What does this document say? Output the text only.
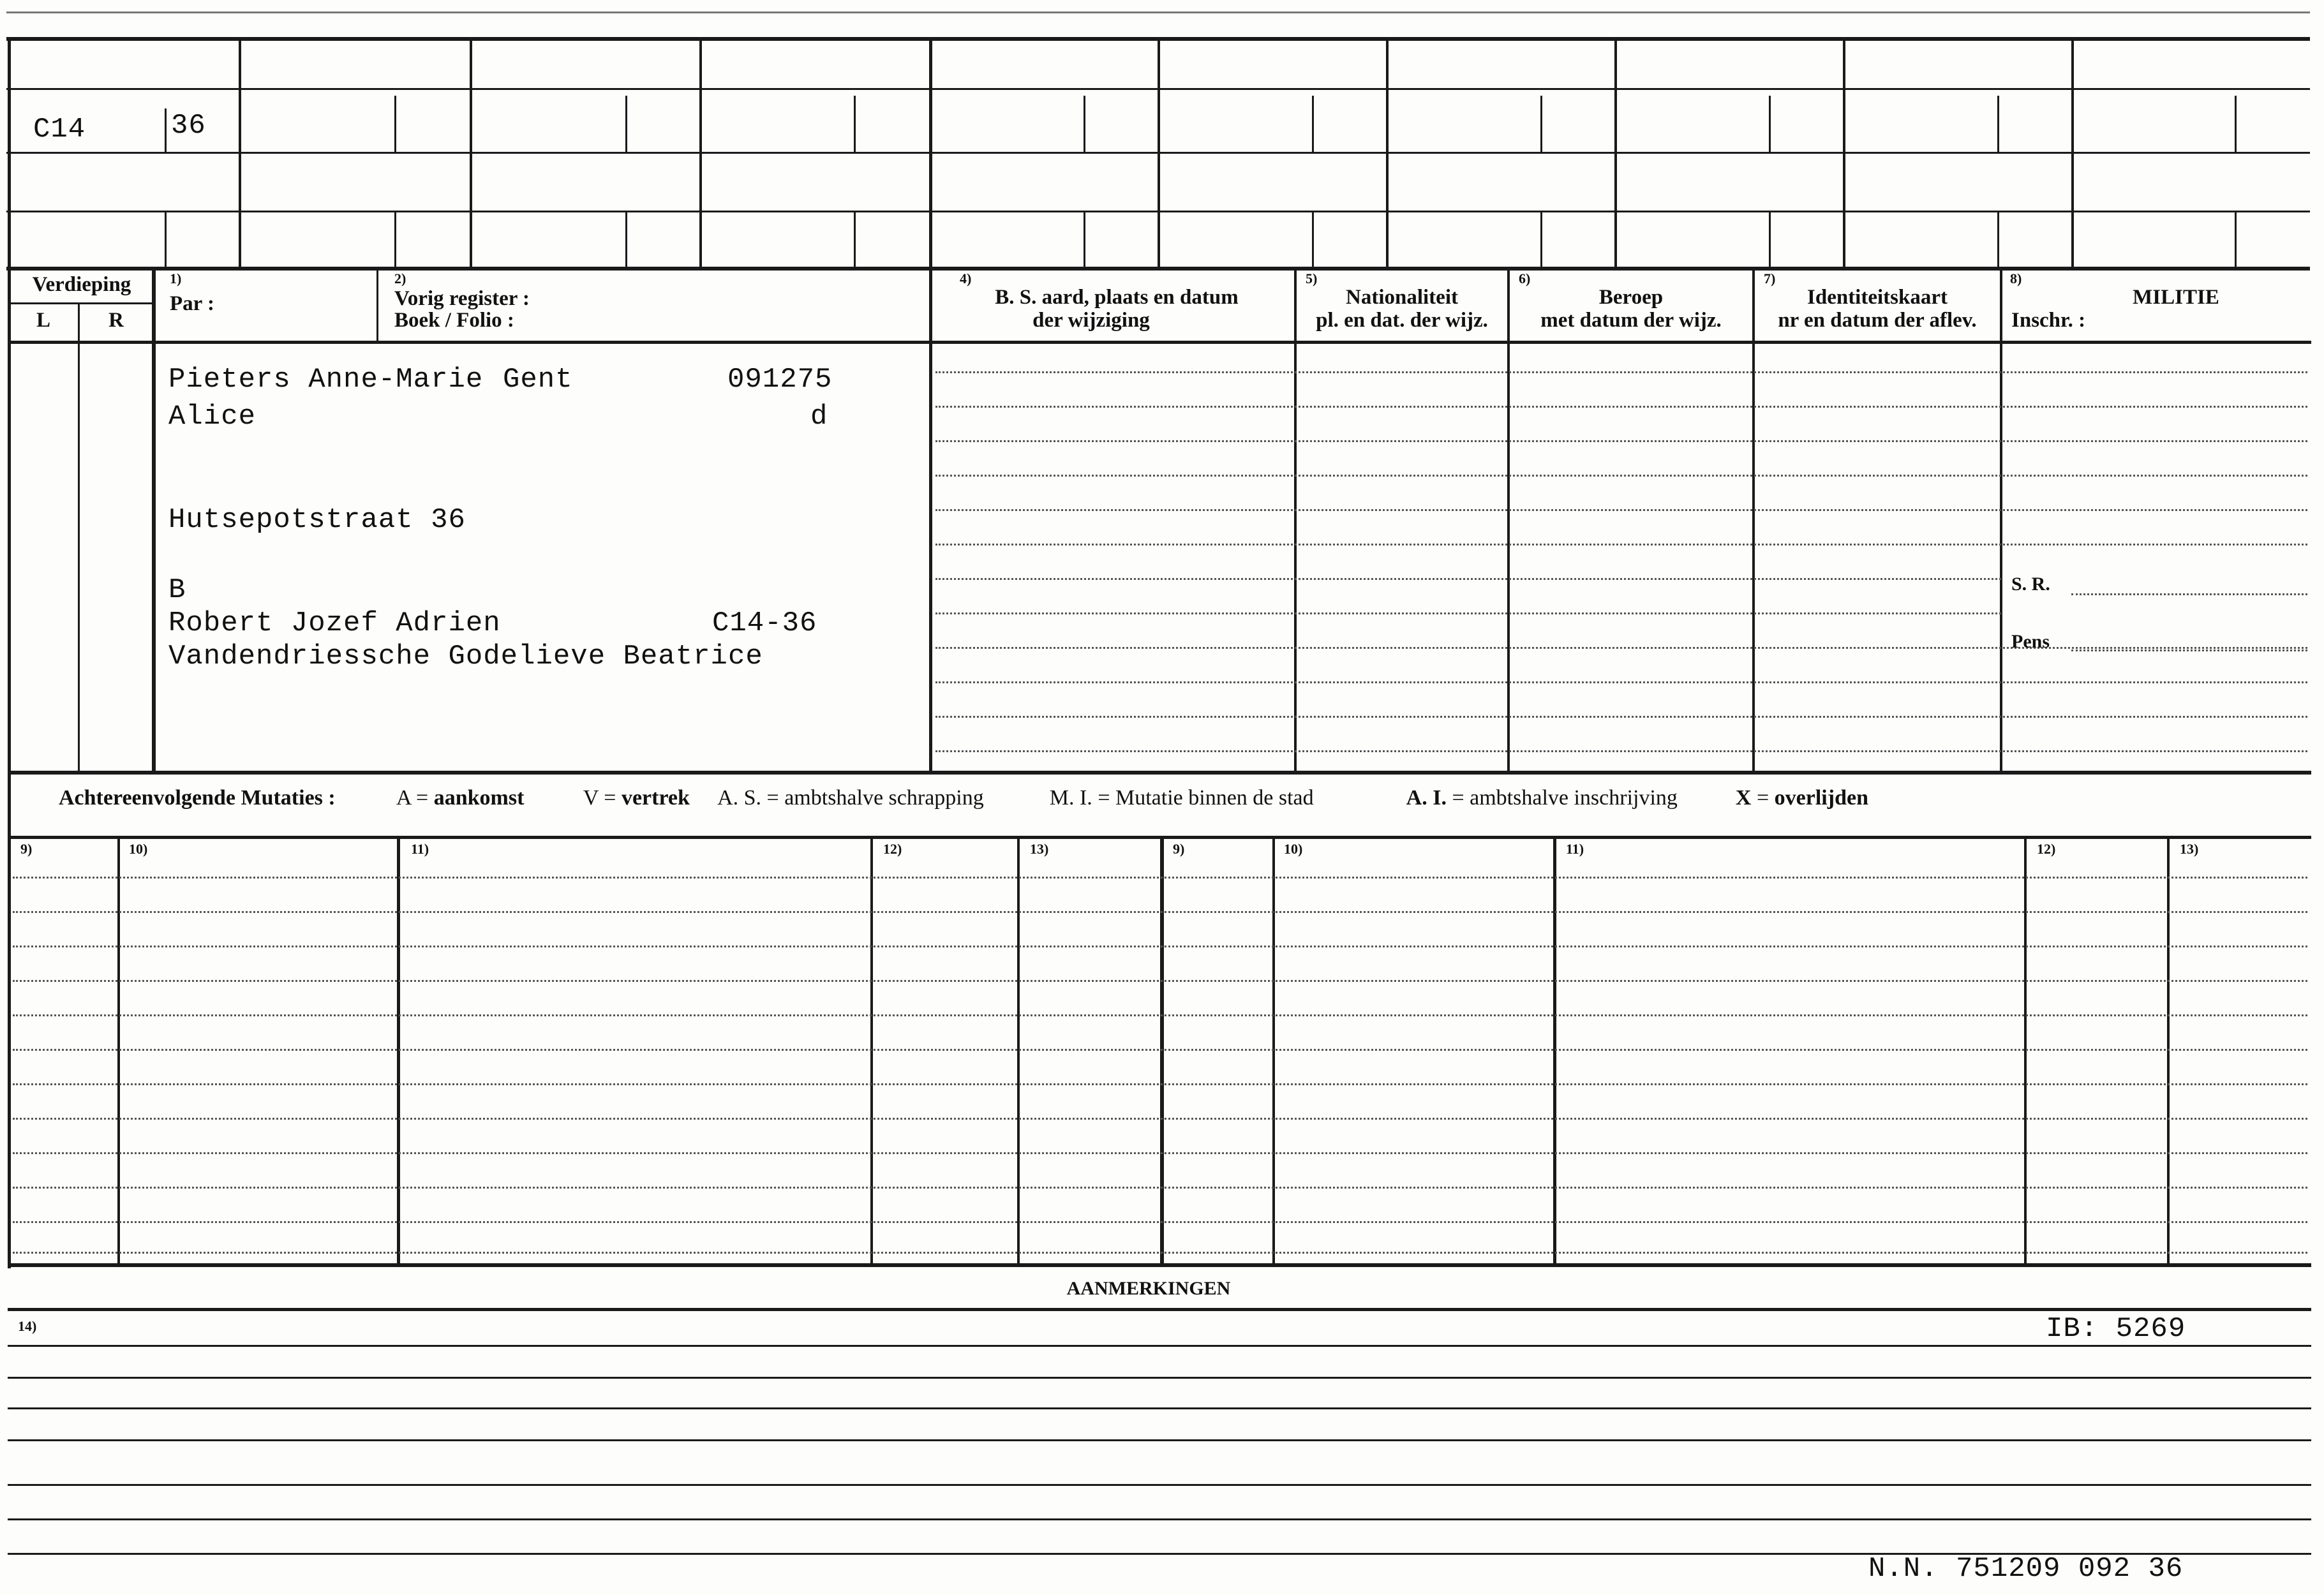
C14	36
Verdieping
L	R
1)
Par :
2)
Vorig register :
Boek / Folio :
4)
B. S. aard, plaats en datum
der wijziging
5)
Nationaliteit
pl. en dat. der wijz.
6)
Beroep
met datum der wijz.
7)
Identiteitskaart
nr en datum der aflev.
8)
MILITIE
Inschr. :
Pieters Anne-Marie Gent	091275
Alice	d
Hutsepotstraat 36
B
Robert Jozef Adrien	C14-36
Vandendriessche Godelieve Beatrice
S. R.
Pens
Achtereenvolgende Mutaties :	A = aankomst	V = vertrek A. S. = ambtshalve schrapping	M. I. = Mutatie binnen de stad	A. I. = ambtshalve inschrijving	X = overlijden
9)	10)	11)	12)	13)	9)	10)	11)	12)	13)
AANMERKINGEN
14)	IB: 5269
N.N. 751209 092 36
